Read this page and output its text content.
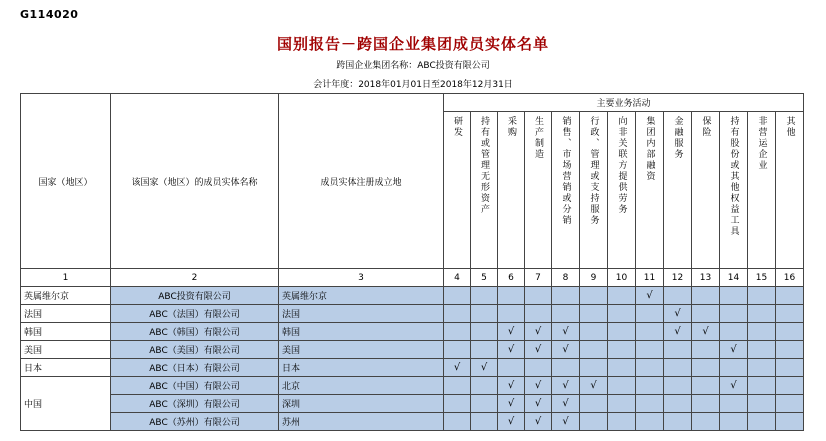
G114020
国别报告－跨国企业集团成员实体名单
跨国企业集团名称：ABC投资有限公司
会计年度：2018年01月01日至2018年12月31日
国家（地区）	该国家（地区）的成员实体名称	成员实体注册成立地	主要业务活动												
			研发	持有或管理无形资产	采购	生产制造	销售、市场营销或分销	行政、管理或支持服务	向非关联方提供劳务	集团内部融资	金融服务	保险	持有股份或其他权益工具	非营运企业	其他
1	2	3	4	5	6	7	8	9	10	11	12	13	14	15	16
英属维尔京	ABC投资有限公司	英属维尔京								√					
法国	ABC（法国）有限公司	法国									√				
韩国	ABC（韩国）有限公司	韩国			√	√	√				√	√			
美国	ABC（美国）有限公司	美国			√	√	√						√		
日本	ABC（日本）有限公司	日本	√	√											
中国	ABC（中国）有限公司	北京			√	√	√	√					√		
	ABC（深圳）有限公司	深圳			√	√	√								
	ABC（苏州）有限公司	苏州			√	√	√								
